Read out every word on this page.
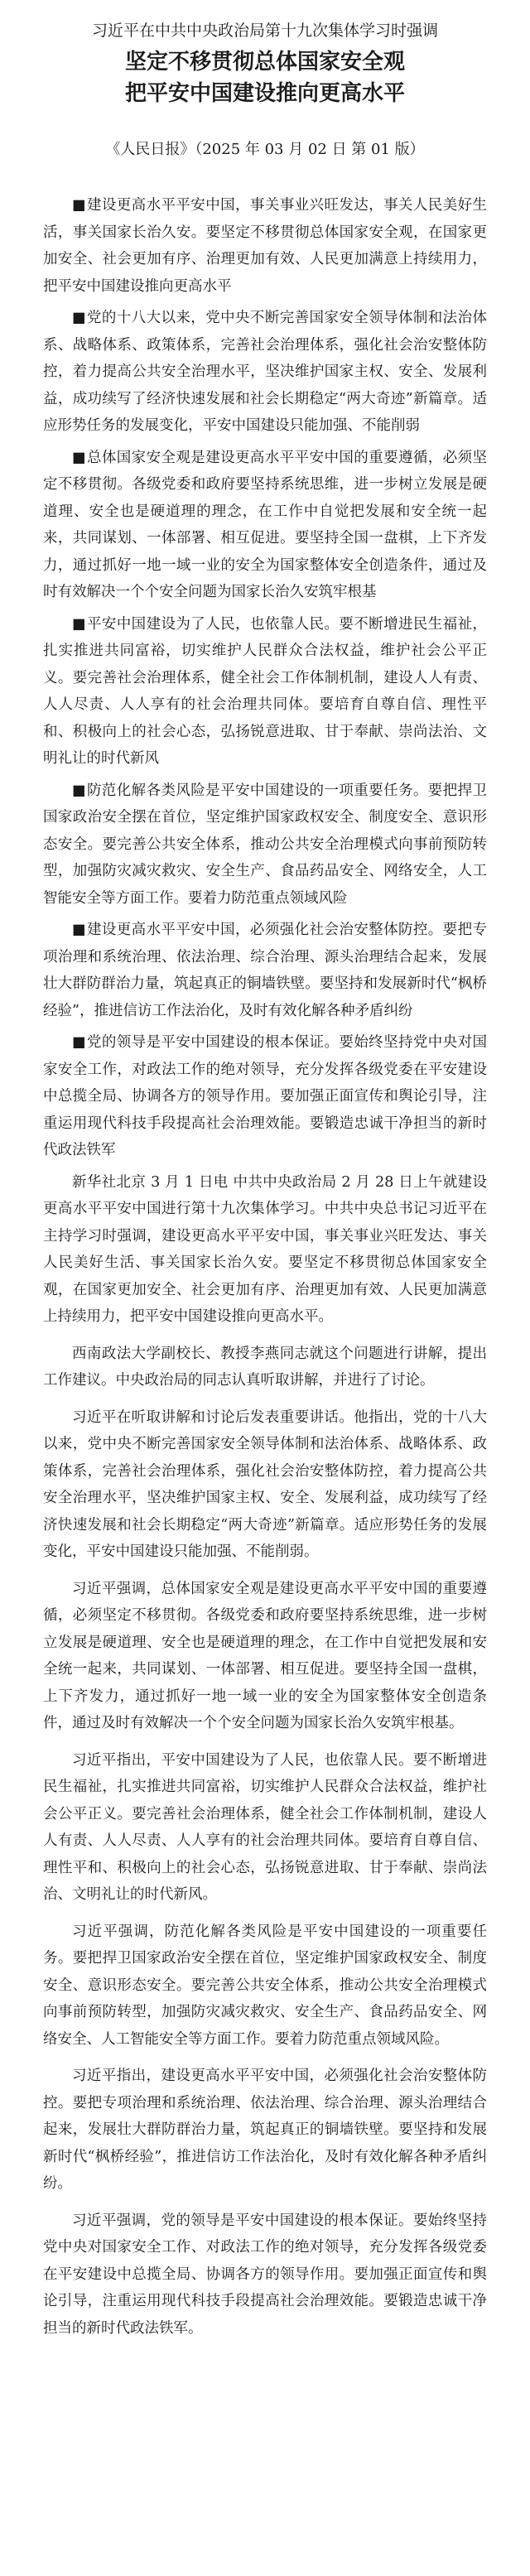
习近平在中共中央政治局第十九次集体学习时强调
坚定不移贯彻总体国家安全观
把平安中国建设推向更高水平
《人民日报》（2025 年 03 月 02 日 第 01 版）

■ 建设更高水平平安中国，事关事业兴旺发达，事关人民美好生活，事关国家长治久安。要坚定不移贯彻总体国家安全观，在国家更加安全、社会更加有序、治理更加有效、人民更加满意上持续用力，把平安中国建设推向更高水平

■ 党的十八大以来，党中央不断完善国家安全领导体制和法治体系、战略体系、政策体系，完善社会治理体系，强化社会治安整体防控，着力提高公共安全治理水平，坚决维护国家主权、安全、发展利益，成功续写了经济快速发展和社会长期稳定“两大奇迹”新篇章。适应形势任务的发展变化，平安中国建设只能加强、不能削弱

■ 总体国家安全观是建设更高水平平安中国的重要遵循，必须坚定不移贯彻。各级党委和政府要坚持系统思维，进一步树立发展是硬道理、安全也是硬道理的理念，在工作中自觉把发展和安全统一起来，共同谋划、一体部署、相互促进。要坚持全国一盘棋，上下齐发力，通过抓好一地一域一业的安全为国家整体安全创造条件，通过及时有效解决一个个安全问题为国家长治久安筑牢根基

■ 平安中国建设为了人民，也依靠人民。要不断增进民生福祉，扎实推进共同富裕，切实维护人民群众合法权益，维护社会公平正义。要完善社会治理体系，健全社会工作体制机制，建设人人有责、人人尽责、人人享有的社会治理共同体。要培育自尊自信、理性平和、积极向上的社会心态，弘扬锐意进取、甘于奉献、崇尚法治、文明礼让的时代新风

■ 防范化解各类风险是平安中国建设的一项重要任务。要把捍卫国家政治安全摆在首位，坚定维护国家政权安全、制度安全、意识形态安全。要完善公共安全体系，推动公共安全治理模式向事前预防转型，加强防灾减灾救灾、安全生产、食品药品安全、网络安全，人工智能安全等方面工作。要着力防范重点领域风险

■ 建设更高水平平安中国，必须强化社会治安整体防控。要把专项治理和系统治理、依法治理、综合治理、源头治理结合起来，发展壮大群防群治力量，筑起真正的铜墙铁壁。要坚持和发展新时代“枫桥经验”，推进信访工作法治化，及时有效化解各种矛盾纠纷

■ 党的领导是平安中国建设的根本保证。要始终坚持党中央对国家安全工作，对政法工作的绝对领导，充分发挥各级党委在平安建设中总揽全局、协调各方的领导作用。要加强正面宣传和舆论引导，注重运用现代科技手段提高社会治理效能。要锻造忠诚干净担当的新时代政法铁军

新华社北京 3 月 1 日电 中共中央政治局 2 月 28 日上午就建设更高水平平安中国进行第十九次集体学习。中共中央总书记习近平在主持学习时强调，建设更高水平平安中国，事关事业兴旺发达、事关人民美好生活、事关国家长治久安。要坚定不移贯彻总体国家安全观，在国家更加安全、社会更加有序、治理更加有效、人民更加满意上持续用力，把平安中国建设推向更高水平。

西南政法大学副校长、教授李燕同志就这个问题进行讲解，提出工作建议。中央政治局的同志认真听取讲解，并进行了讨论。

习近平在听取讲解和讨论后发表重要讲话。他指出，党的十八大以来，党中央不断完善国家安全领导体制和法治体系、战略体系、政策体系，完善社会治理体系，强化社会治安整体防控，着力提高公共安全治理水平，坚决维护国家主权、安全、发展利益，成功续写了经济快速发展和社会长期稳定“两大奇迹”新篇章。适应形势任务的发展变化，平安中国建设只能加强、不能削弱。

习近平强调，总体国家安全观是建设更高水平平安中国的重要遵循，必须坚定不移贯彻。各级党委和政府要坚持系统思维，进一步树立发展是硬道理、安全也是硬道理的理念，在工作中自觉把发展和安全统一起来，共同谋划、一体部署、相互促进。要坚持全国一盘棋，上下齐发力，通过抓好一地一域一业的安全为国家整体安全创造条件，通过及时有效解决一个个安全问题为国家长治久安筑牢根基。

习近平指出，平安中国建设为了人民，也依靠人民。要不断增进民生福祉，扎实推进共同富裕，切实维护人民群众合法权益，维护社会公平正义。要完善社会治理体系，健全社会工作体制机制，建设人人有责、人人尽责、人人享有的社会治理共同体。要培育自尊自信、理性平和、积极向上的社会心态，弘扬锐意进取、甘于奉献、崇尚法治、文明礼让的时代新风。

习近平强调，防范化解各类风险是平安中国建设的一项重要任务。要把捍卫国家政治安全摆在首位，坚定维护国家政权安全、制度安全、意识形态安全。要完善公共安全体系，推动公共安全治理模式向事前预防转型，加强防灾减灾救灾、安全生产、食品药品安全、网络安全、人工智能安全等方面工作。要着力防范重点领域风险。

习近平指出，建设更高水平平安中国，必须强化社会治安整体防控。要把专项治理和系统治理、依法治理、综合治理、源头治理结合起来，发展壮大群防群治力量，筑起真正的铜墙铁壁。要坚持和发展新时代“枫桥经验”，推进信访工作法治化，及时有效化解各种矛盾纠纷。

习近平强调，党的领导是平安中国建设的根本保证。要始终坚持党中央对国家安全工作、对政法工作的绝对领导，充分发挥各级党委在平安建设中总揽全局、协调各方的领导作用。要加强正面宣传和舆论引导，注重运用现代科技手段提高社会治理效能。要锻造忠诚干净担当的新时代政法铁军。
